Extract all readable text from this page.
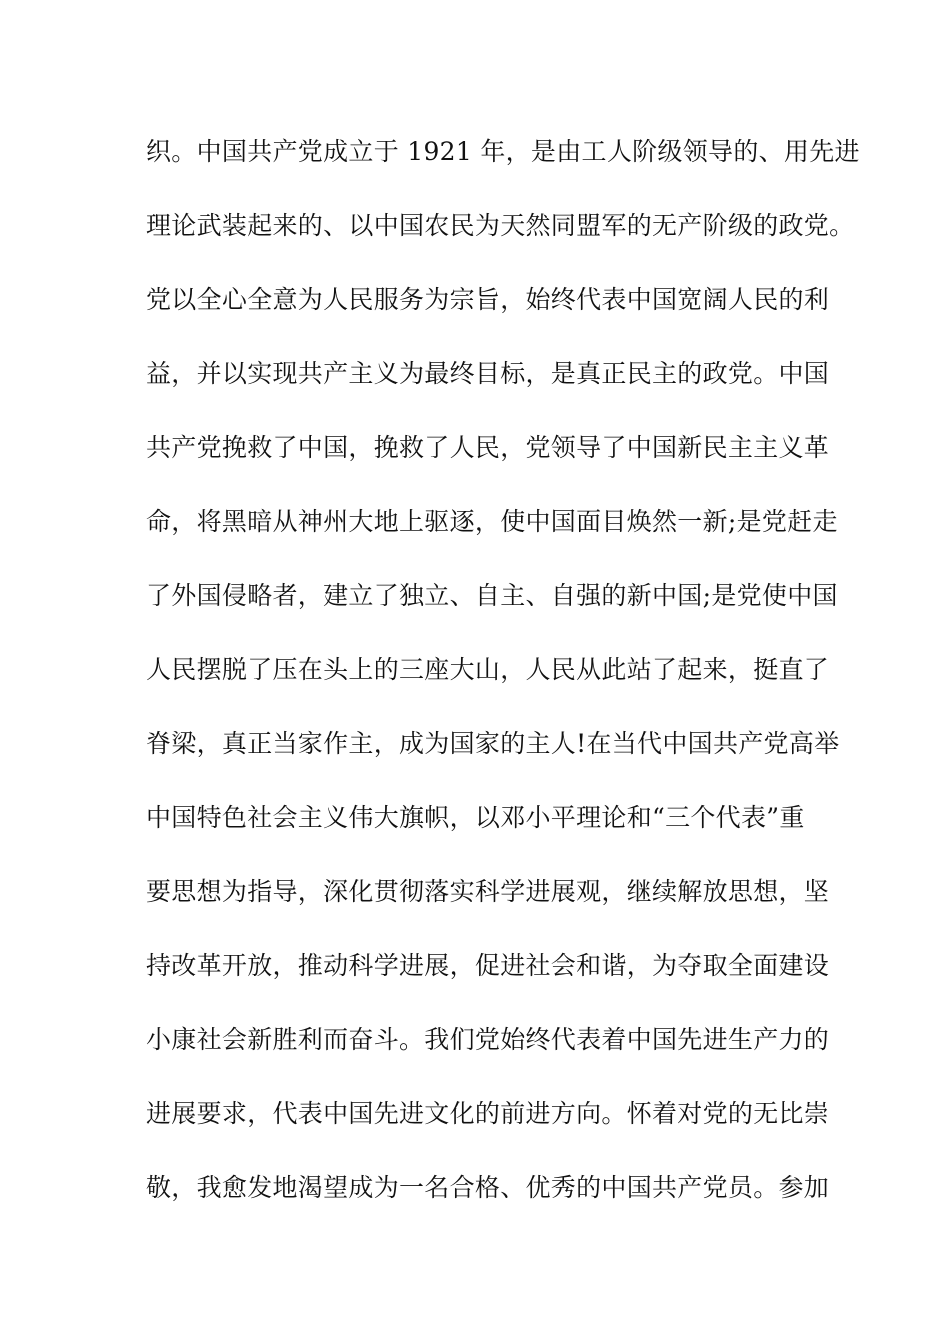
织。中国共产党成立于 1921 年，是由工人阶级领导的、用先进
理论武装起来的、以中国农民为天然同盟军的无产阶级的政党。
党以全心全意为人民服务为宗旨，始终代表中国宽阔人民的利
益，并以实现共产主义为最终目标，是真正民主的政党。中国
共产党挽救了中国，挽救了人民，党领导了中国新民主主义革
命，将黑暗从神州大地上驱逐，使中国面目焕然一新;是党赶走
了外国侵略者，建立了独立、自主、自强的新中国;是党使中国
人民摆脱了压在头上的三座大山，人民从此站了起来，挺直了
脊梁，真正当家作主，成为国家的主人!在当代中国共产党高举
中国特色社会主义伟大旗帜，以邓小平理论和“三个代表”重
要思想为指导，深化贯彻落实科学进展观，继续解放思想，坚
持改革开放，推动科学进展，促进社会和谐，为夺取全面建设
小康社会新胜利而奋斗。我们党始终代表着中国先进生产力的
进展要求，代表中国先进文化的前进方向。怀着对党的无比崇
敬，我愈发地渴望成为一名合格、优秀的中国共产党员。参加
